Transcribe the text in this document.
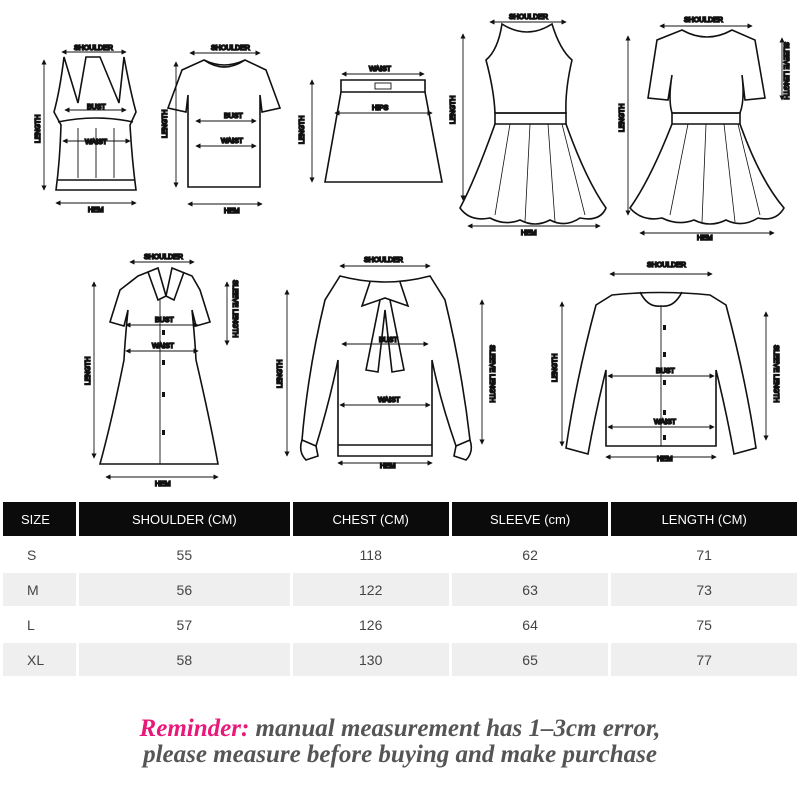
SHOULDER
BUST
WAIST
HEM
LENGTH
SHOULDER
BUST
WAIST
HEM
LENGTH
WAIST
HIPS
LENGTH
SHOULDER
HEM
LENGTH
SHOULDER
HEM
LENGTH
SLEEVE LENGTH
SHOULDER
BUST
WAIST
HEM
LENGTH
SLEEVE LENGTH
SHOULDER
BUST
WAIST
HEM
LENGTH	SLEEVE LENGTH
SHOULDER
BUST
WAIST
HEM
LENGTH	SLEEVE LENGTH
SIZE	SHOULDER (CM)	CHEST (CM)	SLEEVE (cm)	LENGTH (CM)
S	55	118	62	71
M	56	122	63	73
L	57	126	64	75
XL	58	130	65	77
Reminder: manual measurement has 1–3cm error,
please measure before buying and make purchase
